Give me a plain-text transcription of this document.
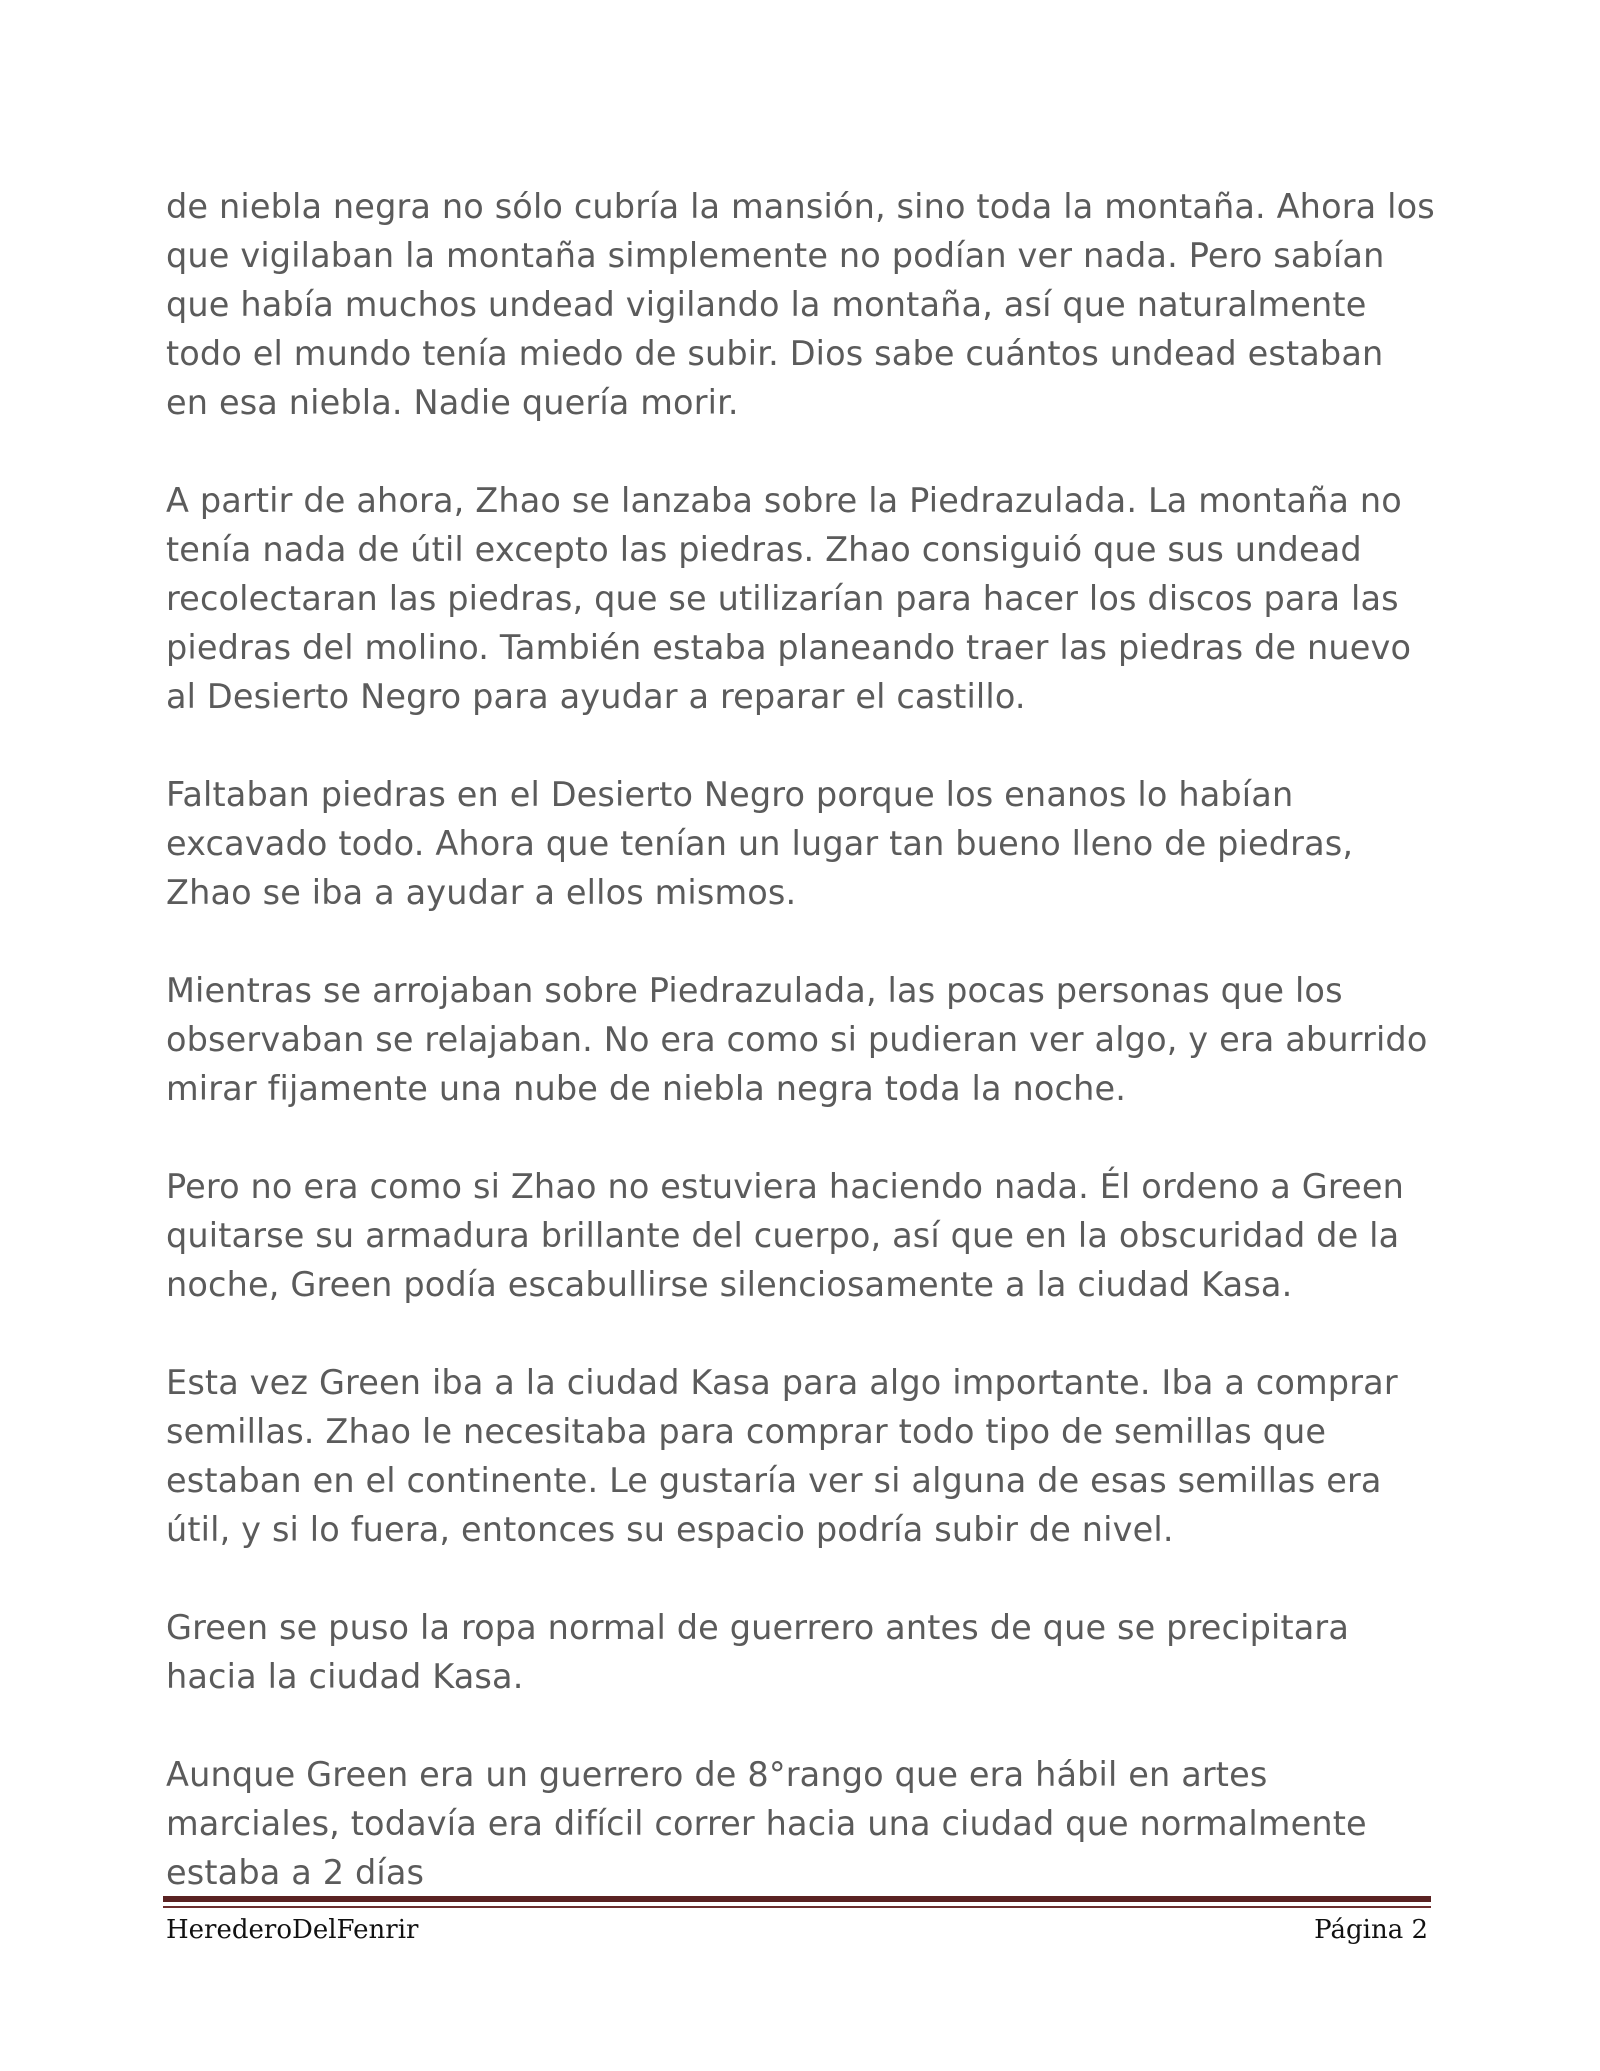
de niebla negra no sólo cubría la mansión, sino toda la montaña. Ahora los que vigilaban la montaña simplemente no podían ver nada. Pero sabían que había muchos undead vigilando la montaña, así que naturalmente todo el mundo tenía miedo de subir. Dios sabe cuántos undead estaban en esa niebla. Nadie quería morir.

A partir de ahora, Zhao se lanzaba sobre la Piedrazulada. La montaña no tenía nada de útil excepto las piedras. Zhao consiguió que sus undead recolectaran las piedras, que se utilizarían para hacer los discos para las piedras del molino. También estaba planeando traer las piedras de nuevo al Desierto Negro para ayudar a reparar el castillo.

Faltaban piedras en el Desierto Negro porque los enanos lo habían excavado todo. Ahora que tenían un lugar tan bueno lleno de piedras, Zhao se iba a ayudar a ellos mismos.

Mientras se arrojaban sobre Piedrazulada, las pocas personas que los observaban se relajaban. No era como si pudieran ver algo, y era aburrido mirar fijamente una nube de niebla negra toda la noche.

Pero no era como si Zhao no estuviera haciendo nada. Él ordeno a Green quitarse su armadura brillante del cuerpo, así que en la obscuridad de la noche, Green podía escabullirse silenciosamente a la ciudad Kasa.

Esta vez Green iba a la ciudad Kasa para algo importante. Iba a comprar semillas. Zhao le necesitaba para comprar todo tipo de semillas que estaban en el continente. Le gustaría ver si alguna de esas semillas era útil, y si lo fuera, entonces su espacio podría subir de nivel.

Green se puso la ropa normal de guerrero antes de que se precipitara hacia la ciudad Kasa.

Aunque Green era un guerrero de 8°rango que era hábil en artes marciales, todavía era difícil correr hacia una ciudad que normalmente estaba a 2 días

HerederoDelFenrir	Página 2
